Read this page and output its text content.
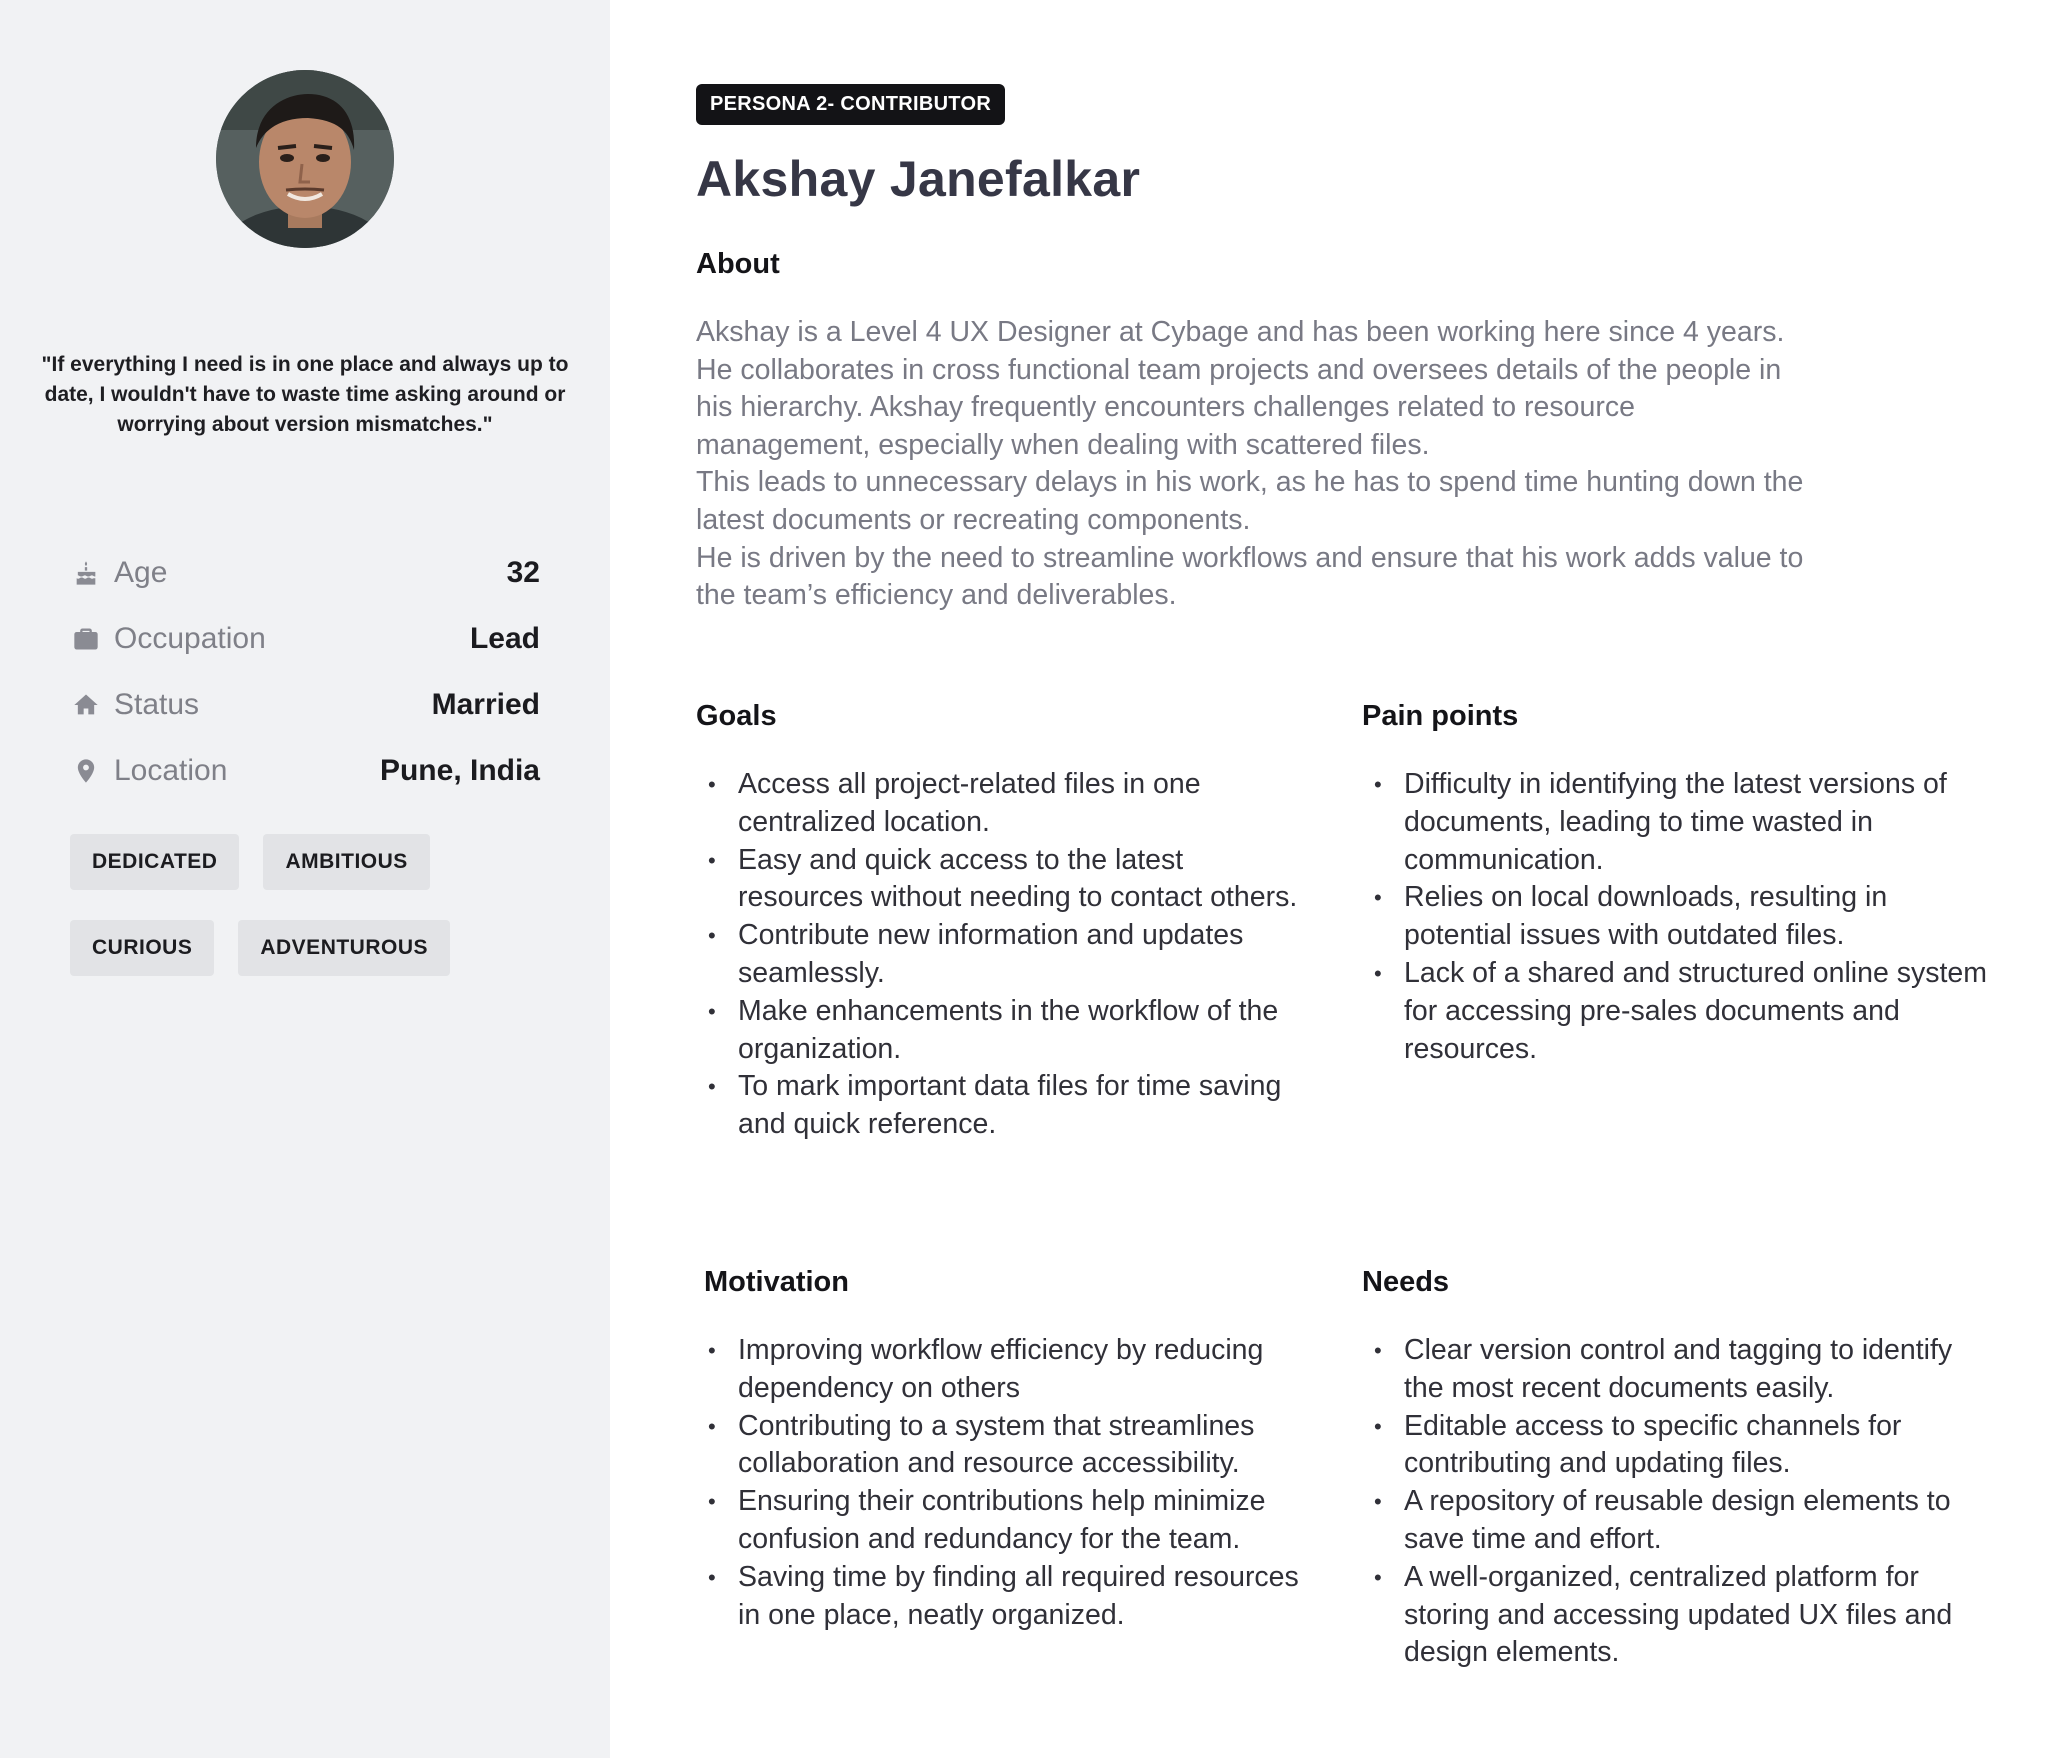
"If everything I need is in one place and always up to date, I wouldn't have to waste time asking around or worrying about version mismatches."
Age	32
Occupation	Lead
Status	Married
Location	Pune, India
DEDICATED	AMBITIOUS
CURIOUS	ADVENTUROUS
PERSONA 2- CONTRIBUTOR
Akshay Janefalkar
About

Akshay is a Level 4 UX Designer at Cybage and has been working here since 4 years. He collaborates in cross functional team projects and oversees details of the people in his hierarchy. Akshay frequently encounters challenges related to resource management, especially when dealing with scattered files.

This leads to unnecessary delays in his work, as he has to spend time hunting down the latest documents or recreating components.

He is driven by the need to streamline workflows and ensure that his work adds value to the team’s efficiency and deliverables.

Goals
• Access all project-related files in one centralized location.
• Easy and quick access to the latest resources without needing to contact others.
• Contribute new information and updates seamlessly.
• Make enhancements in the workflow of the organization.
• To mark important data files for time saving and quick reference.
Pain points
• Difficulty in identifying the latest versions of documents, leading to time wasted in communication.
• Relies on local downloads, resulting in potential issues with outdated files.
• Lack of a shared and structured online system for accessing pre-sales documents and resources.
Motivation
• Improving workflow efficiency by reducing dependency on others
• Contributing to a system that streamlines collaboration and resource accessibility.
• Ensuring their contributions help minimize confusion and redundancy for the team.
• Saving time by finding all required resources in one place, neatly organized.
Needs
• Clear version control and tagging to identify the most recent documents easily.
• Editable access to specific channels for contributing and updating files.
• A repository of reusable design elements to save time and effort.
• A well-organized, centralized platform for storing and accessing updated UX files and design elements.
